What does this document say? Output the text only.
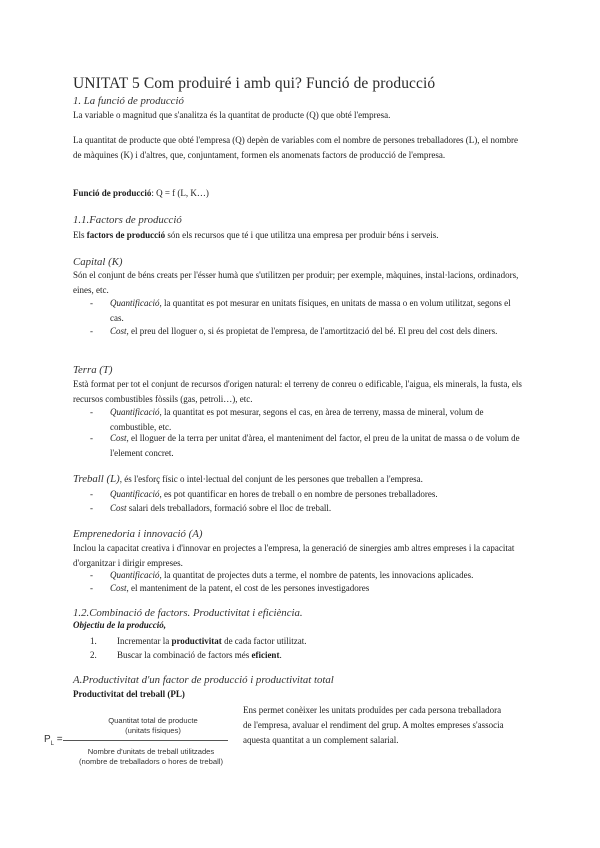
UNITAT 5 Com produiré i amb qui? Funció de producció
1. La funció de producció
La variable o magnitud que s'analitza és la quantitat de producte (Q) que obté l'empresa.
La quantitat de producte que obté l'empresa (Q) depèn de variables com el nombre de persones treballadores (L), el nombre de màquines (K) i d'altres, que, conjuntament, formen els anomenats factors de producció de l'empresa.
Funció de producció: Q = f (L, K…)
1.1.Factors de producció
Els factors de producció són els recursos que té i que utilitza una empresa per produir béns i serveis.
Capital (K)
Són el conjunt de béns creats per l'ésser humà que s'utilitzen per produir; per exemple, màquines, instal·lacions, ordinadors, eines, etc.
-	Quantificació, la quantitat es pot mesurar en unitats físiques, en unitats de massa o en volum utilitzat, segons el cas.
-	Cost, el preu del lloguer o, si és propietat de l'empresa, de l'amortització del bé. El preu del cost dels diners.
Terra (T)
Està format per tot el conjunt de recursos d'origen natural: el terreny de conreu o edificable, l'aigua, els minerals, la fusta, els recursos combustibles fòssils (gas, petroli…), etc.
-	Quantificació, la quantitat es pot mesurar, segons el cas, en àrea de terreny, massa de mineral, volum de combustible, etc.
-	Cost, el lloguer de la terra per unitat d'àrea, el manteniment del factor, el preu de la unitat de massa o de volum de l'element concret.
Treball (L), és l'esforç físic o intel·lectual del conjunt de les persones que treballen a l'empresa.
-	Quantificació, es pot quantificar en hores de treball o en nombre de persones treballadores.
-	Cost salari dels treballadors, formació sobre el lloc de treball.
Emprenedoria i innovació (A)
Inclou la capacitat creativa i d'innovar en projectes a l'empresa, la generació de sinergies amb altres empreses i la capacitat d'organitzar i dirigir empreses.
-	Quantificació, la quantitat de projectes duts a terme, el nombre de patents, les innovacions aplicades.
-	Cost, el manteniment de la patent, el cost de les persones investigadores
1.2.Combinació de factors. Productivitat i eficiència.
Objectiu de la producció,
1. Incrementar la productivitat de cada factor utilitzat.
2. Buscar la combinació de factors més eficient.
A.Productivitat d'un factor de producció i productivitat total
Productivitat del treball (PL)
Quantitat total de producte
(unitats físiques)
$P_L$ =
Nombre d'unitats de treball utilitzades
(nombre de treballadors o hores de treball)
Ens permet conèixer les unitats produïdes per cada persona treballadora de l'empresa, avaluar el rendiment del grup. A moltes empreses s'associa aquesta quantitat a un complement salarial.
